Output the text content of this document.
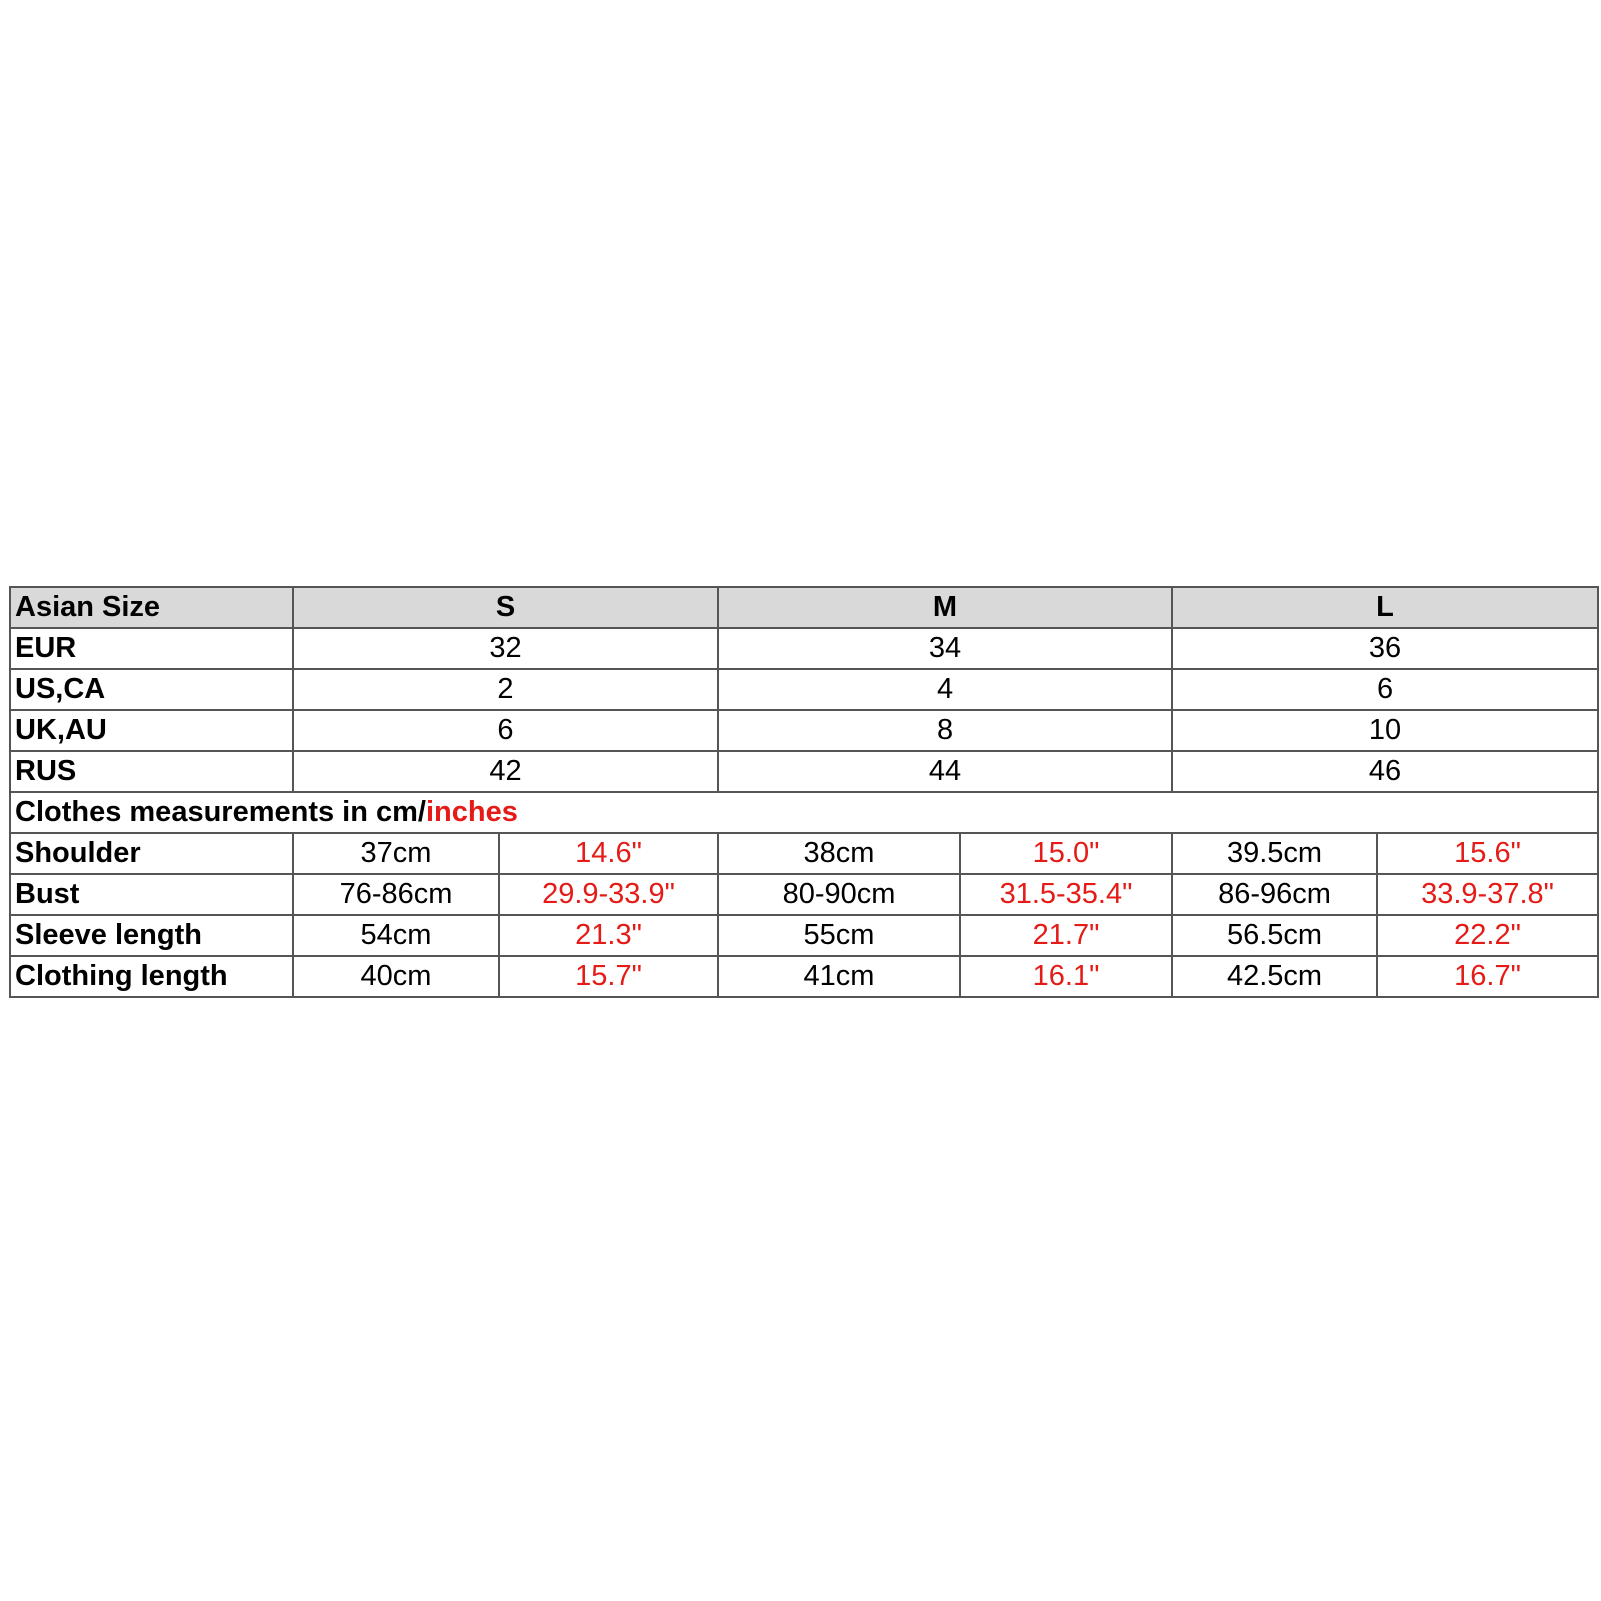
Asian Size	S		M		L	
EUR	32		34		36	
US,CA	2		4		6	
UK,AU	6		8		10	
RUS	42		44		46	
Clothes measurements in cm/inches						
Shoulder	37cm	14.6"	38cm	15.0"	39.5cm	15.6"
Bust	76-86cm	29.9-33.9"	80-90cm	31.5-35.4"	86-96cm	33.9-37.8"
Sleeve length	54cm	21.3"	55cm	21.7"	56.5cm	22.2"
Clothing length	40cm	15.7"	41cm	16.1"	42.5cm	16.7"
